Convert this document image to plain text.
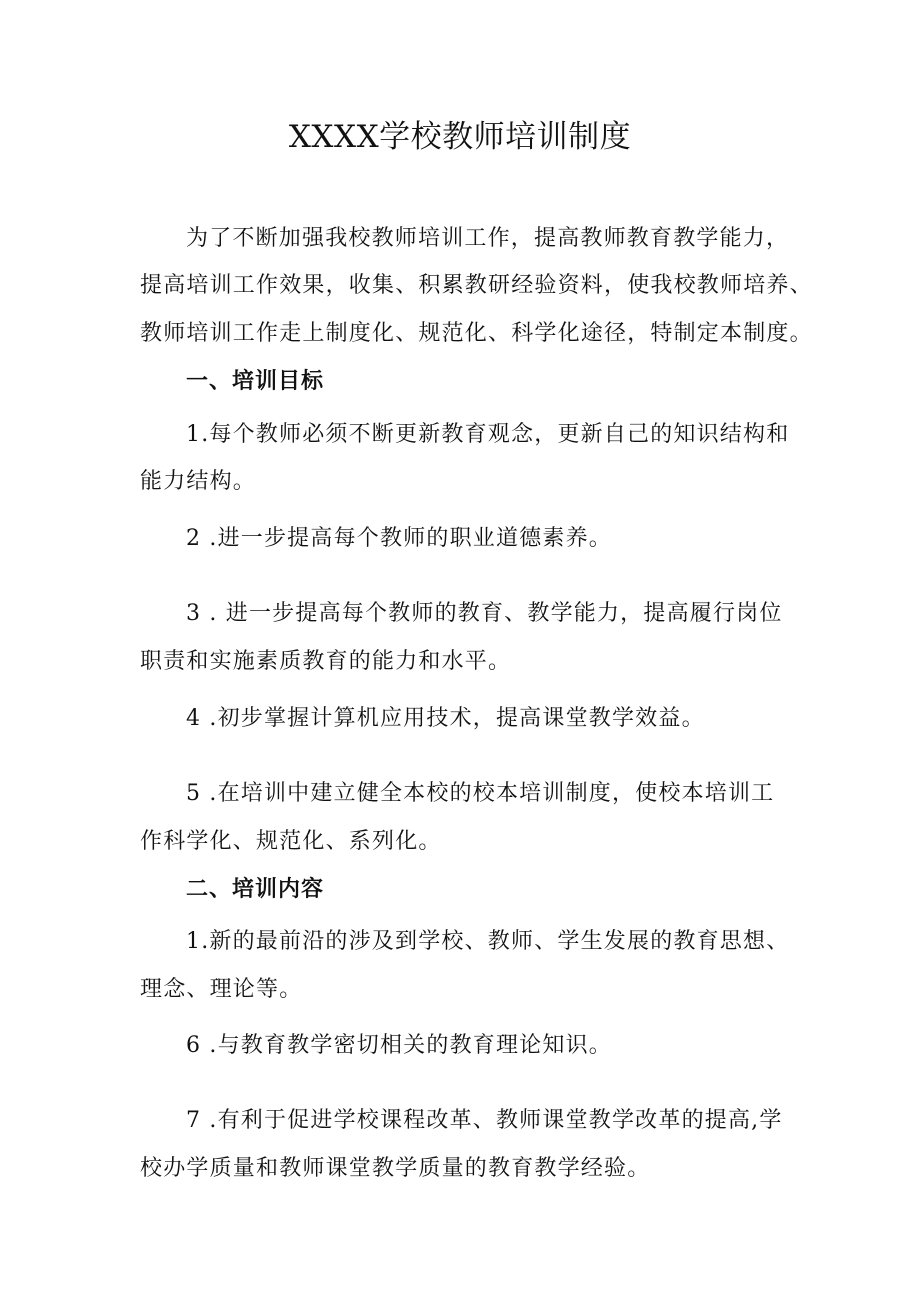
XXXX学校教师培训制度

为了不断加强我校教师培训工作，提高教师教育教学能力，

提高培训工作效果，收集、积累教研经验资料，使我校教师培养、

教师培训工作走上制度化、规范化、科学化途径，特制定本制度。

一、培训目标

1.每个教师必须不断更新教育观念，更新自己的知识结构和

能力结构。

2 .进一步提高每个教师的职业道德素养。

3 . 进一步提高每个教师的教育、教学能力，提高履行岗位

职责和实施素质教育的能力和水平。

4 .初步掌握计算机应用技术，提高课堂教学效益。

5 .在培训中建立健全本校的校本培训制度，使校本培训工

作科学化、规范化、系列化。

二、培训内容

1.新的最前沿的涉及到学校、教师、学生发展的教育思想、

理念、理论等。

6 .与教育教学密切相关的教育理论知识。

7 .有利于促进学校课程改革、教师课堂教学改革的提高,学

校办学质量和教师课堂教学质量的教育教学经验。
